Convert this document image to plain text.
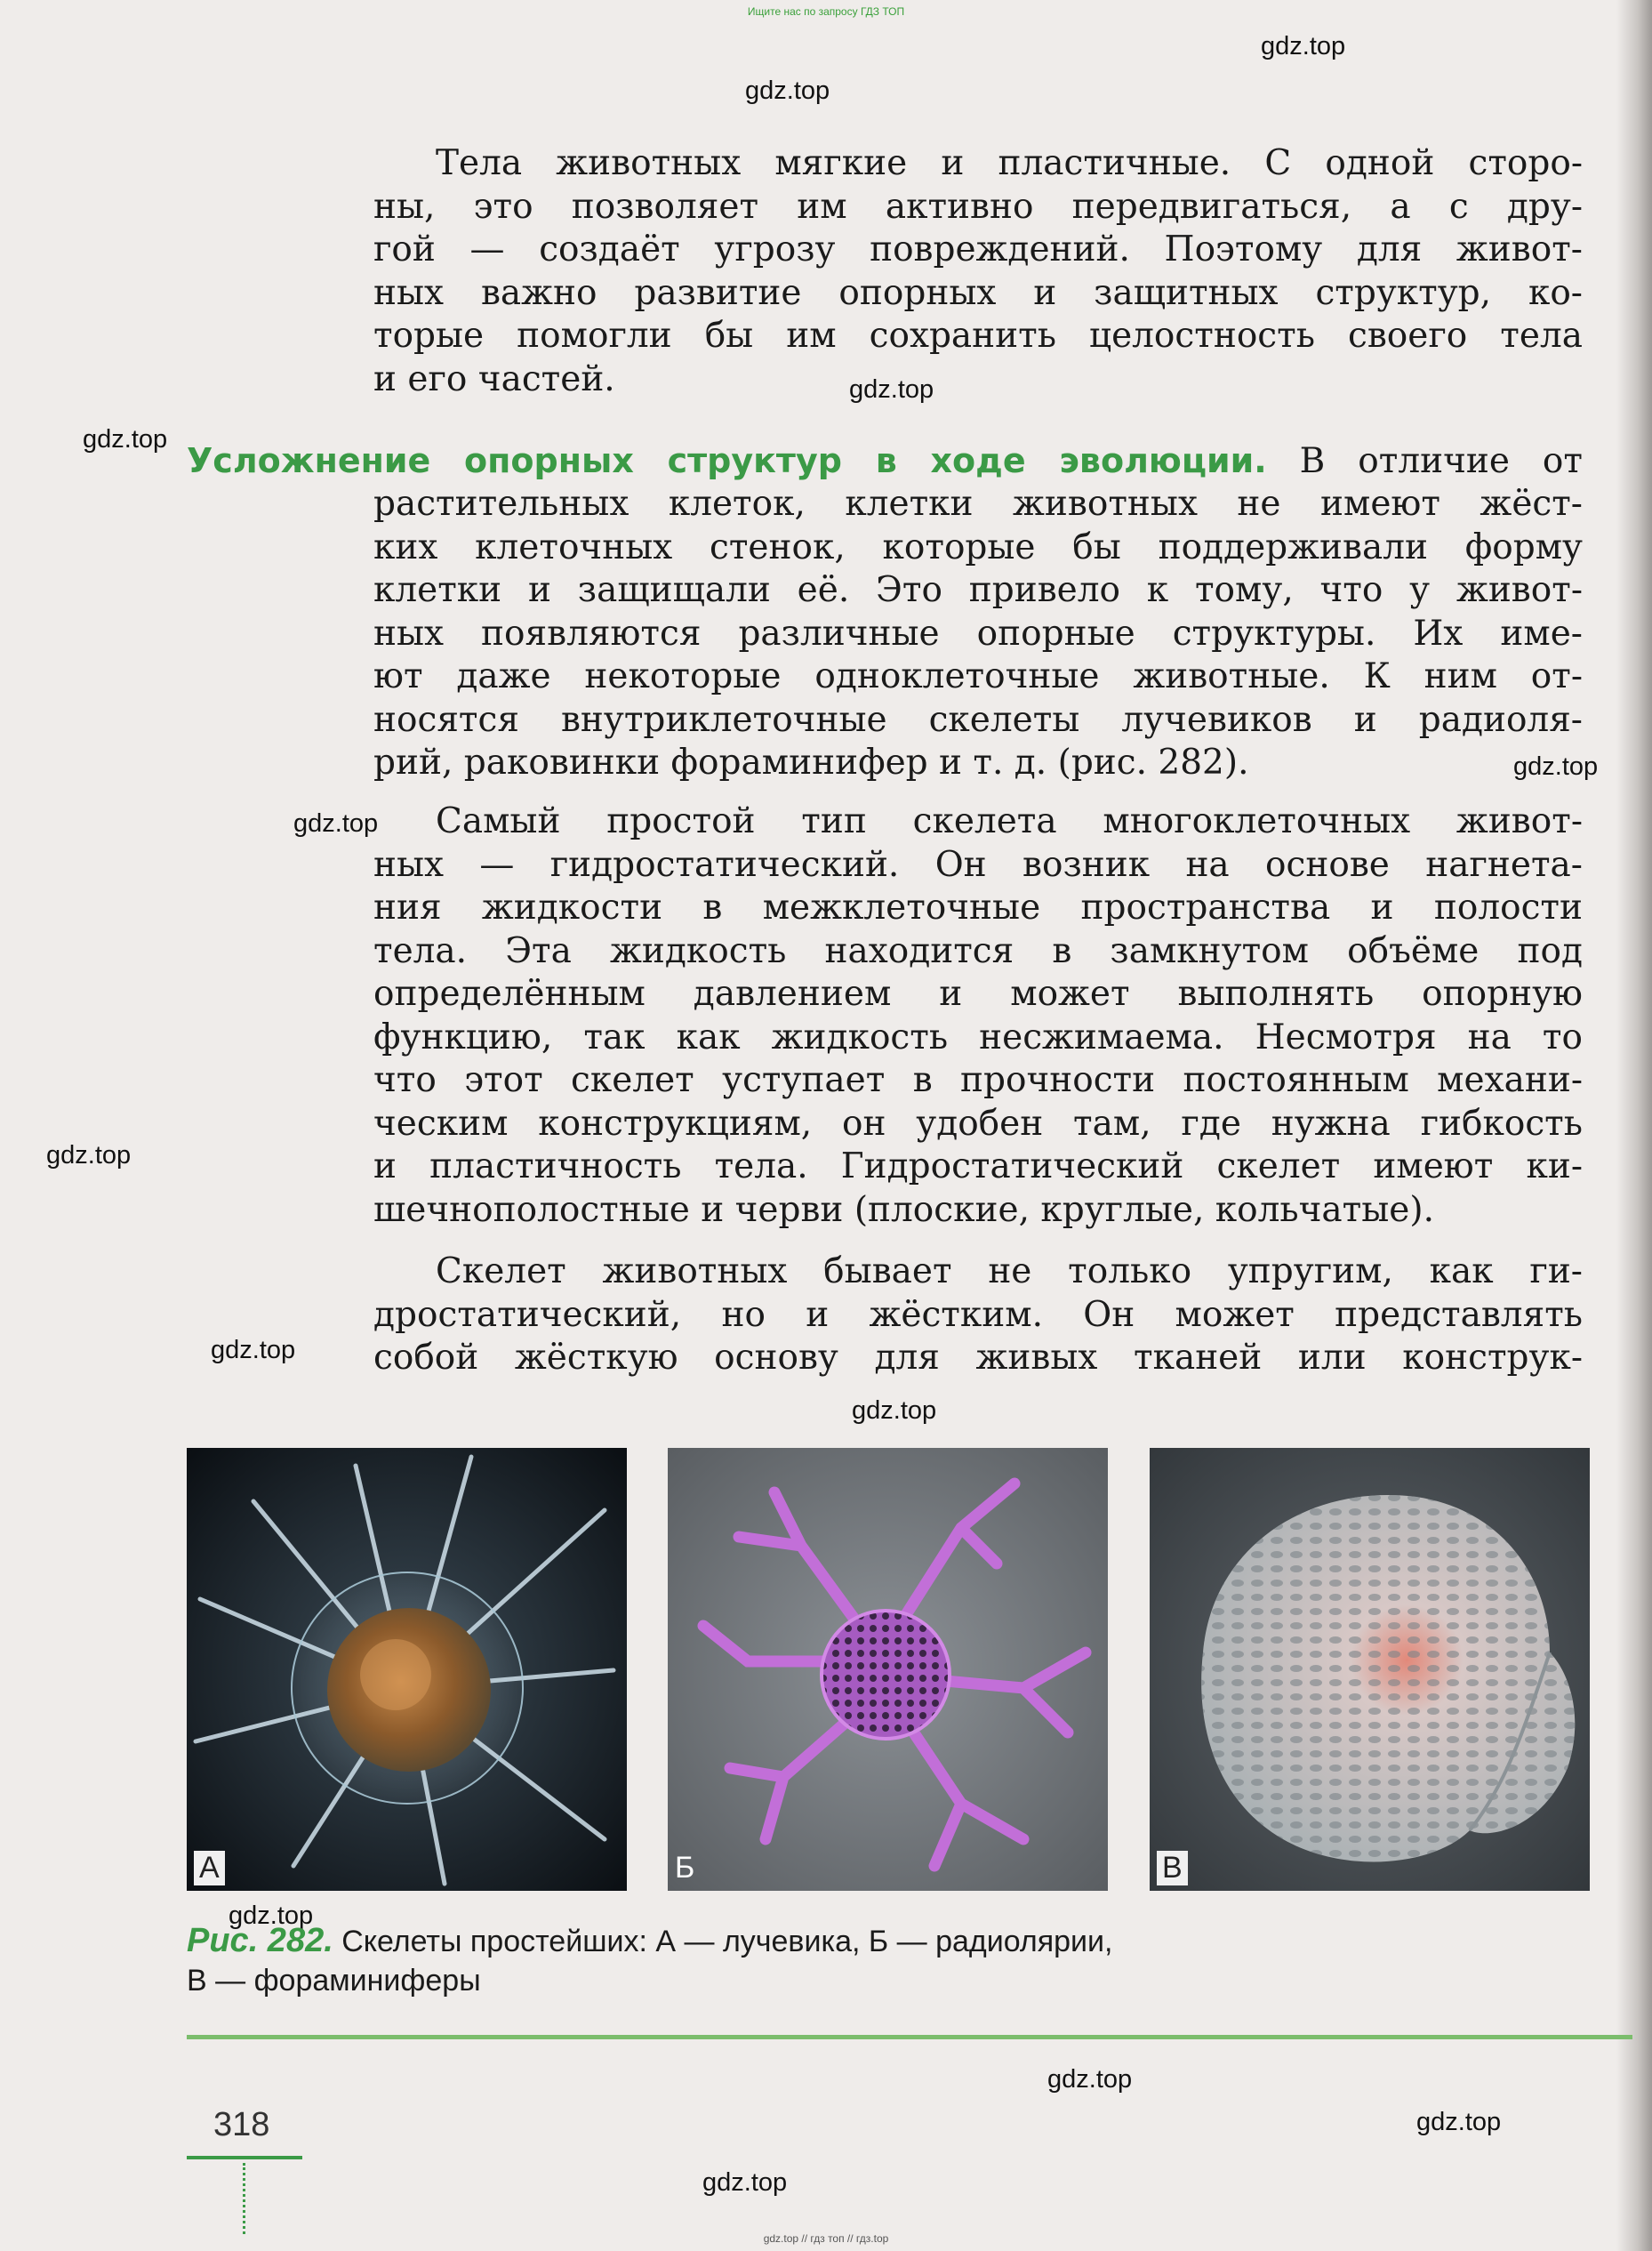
Ищите нас по запросу ГДЗ ТОП
gdz.top
gdz.top
gdz.top
gdz.top
gdz.top
gdz.top
gdz.top
gdz.top
gdz.top
gdz.top
gdz.top
gdz.top
gdz.top
Тела животных мягкие и пластичные. С одной сторо-
ны, это позволяет им активно передвигаться, а с дру-
гой — создаёт угрозу повреждений. Поэтому для живот-
ных важно развитие опорных и защитных структур, ко-
торые помогли бы им сохранить целостность своего тела
и его частей.
Усложнение опорных структур в ходе эволюции. В отличие от
растительных клеток, клетки животных не имеют жёст-
ких клеточных стенок, которые бы поддерживали форму
клетки и защищали её. Это привело к тому, что у живот-
ных появляются различные опорные структуры. Их име-
ют даже некоторые одноклеточные животные. К ним от-
носятся внутриклеточные скелеты лучевиков и радиоля-
рий, раковинки фораминифер и т. д. (рис. 282).
Самый простой тип скелета многоклеточных живот-
ных — гидростатический. Он возник на основе нагнета-
ния жидкости в межклеточные пространства и полости
тела. Эта жидкость находится в замкнутом объёме под
определённым давлением и может выполнять опорную
функцию, так как жидкость несжимаема. Несмотря на то
что этот скелет уступает в прочности постоянным механи-
ческим конструкциям, он удобен там, где нужна гибкость
и пластичность тела. Гидростатический скелет имеют ки-
шечнополостные и черви (плоские, круглые, кольчатые).
Скелет животных бывает не только упругим, как ги-
дростатический, но и жёстким. Он может представлять
собой жёсткую основу для живых тканей или конструк-
А	Б	В
Рис. 282. Скелеты простейших: А — лучевика, Б — радиолярии,
В — фораминиферы
318
gdz.top // гдз топ // гдз.top
